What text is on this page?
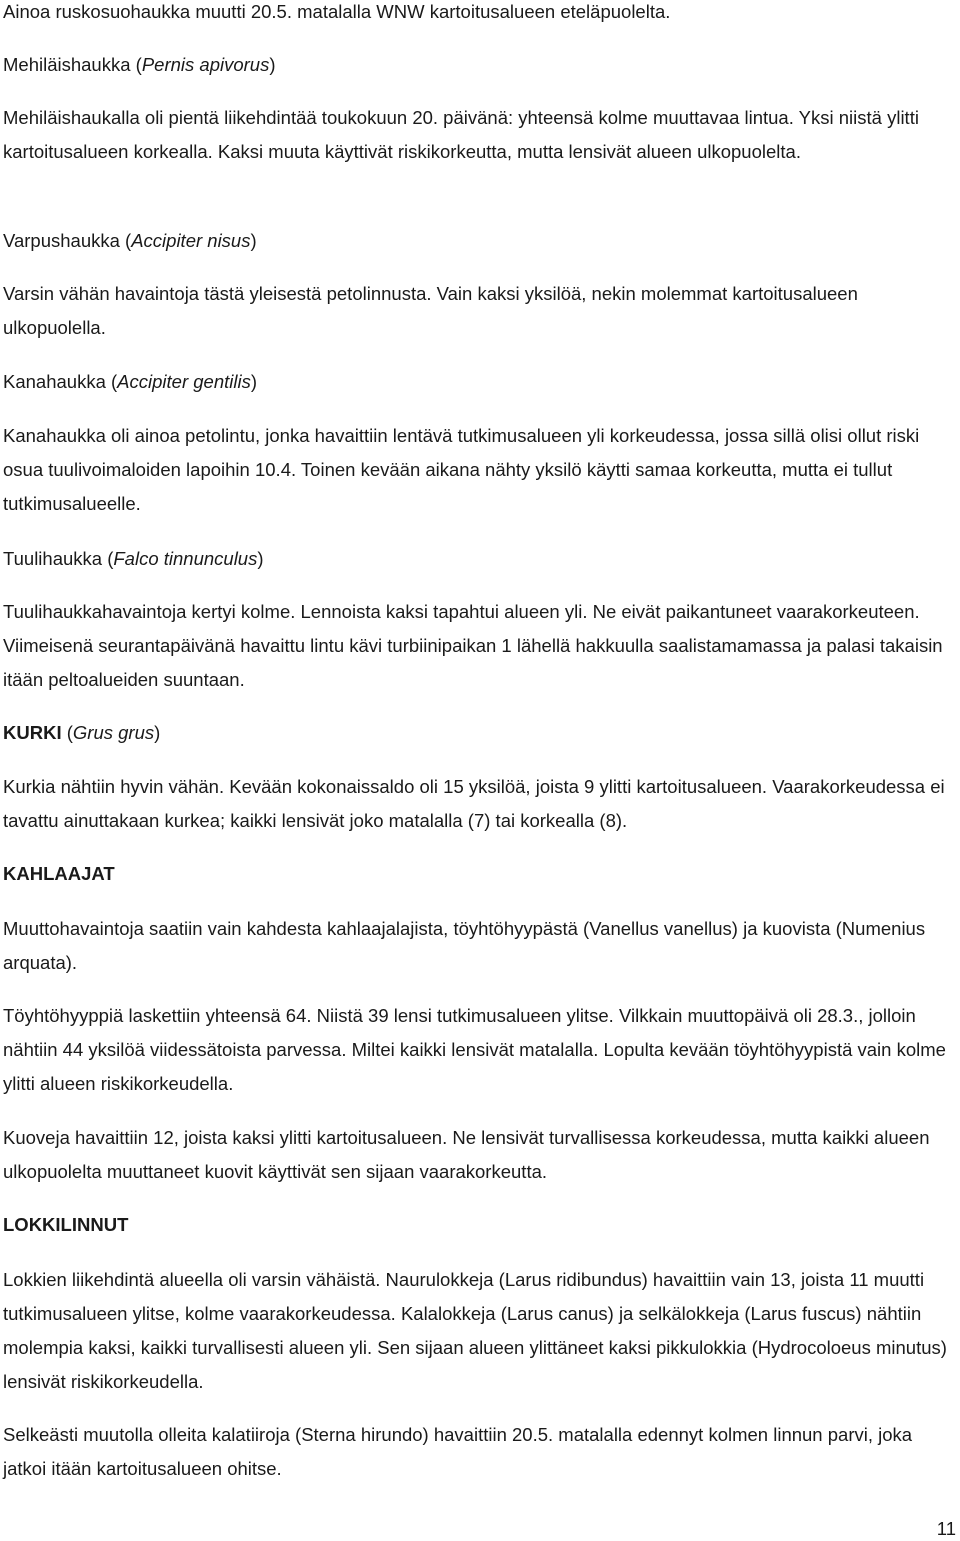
Ainoa ruskosuohaukka muutti 20.5. matalalla WNW kartoitusalueen eteläpuolelta.

Mehiläishaukka (Pernis apivorus)

Mehiläishaukalla oli pientä liikehdintää toukokuun 20. päivänä: yhteensä kolme muuttavaa lintua. Yksi niistä ylitti kartoitusalueen korkealla. Kaksi muuta käyttivät riskikorkeutta, mutta lensivät alueen ulkopuolelta.

Varpushaukka (Accipiter nisus)

Varsin vähän havaintoja tästä yleisestä petolinnusta. Vain kaksi yksilöä, nekin molemmat kartoitusalueen ulkopuolella.

Kanahaukka (Accipiter gentilis)

Kanahaukka oli ainoa petolintu, jonka havaittiin lentävä tutkimusalueen yli korkeudessa, jossa sillä olisi ollut riski osua tuulivoimaloiden lapoihin 10.4. Toinen kevään aikana nähty yksilö käytti samaa korkeutta, mutta ei tullut tutkimusalueelle.

Tuulihaukka (Falco tinnunculus)

Tuulihaukkahavaintoja kertyi kolme. Lennoista kaksi tapahtui alueen yli. Ne eivät paikantuneet vaarakorkeuteen. Viimeisenä seurantapäivänä havaittu lintu kävi turbiinipaikan 1 lähellä hakkuulla saalistamamassa ja palasi takaisin itään peltoalueiden suuntaan.

KURKI (Grus grus)

Kurkia nähtiin hyvin vähän. Kevään kokonaissaldo oli 15 yksilöä, joista 9 ylitti kartoitusalueen. Vaarakorkeudessa ei tavattu ainuttakaan kurkea; kaikki lensivät joko matalalla (7) tai korkealla (8).

KAHLAAJAT

Muuttohavaintoja saatiin vain kahdesta kahlaajalajista, töyhtöhyypästä (Vanellus vanellus) ja kuovista (Numenius arquata).

Töyhtöhyyppiä laskettiin yhteensä 64. Niistä 39 lensi tutkimusalueen ylitse. Vilkkain muuttopäivä oli 28.3., jolloin nähtiin 44 yksilöä viidessätoista parvessa. Miltei kaikki lensivät matalalla. Lopulta kevään töyhtöhyypistä vain kolme ylitti alueen riskikorkeudella.

Kuoveja havaittiin 12, joista kaksi ylitti kartoitusalueen. Ne lensivät turvallisessa korkeudessa, mutta kaikki alueen ulkopuolelta muuttaneet kuovit käyttivät sen sijaan vaarakorkeutta.

LOKKILINNUT

Lokkien liikehdintä alueella oli varsin vähäistä. Naurulokkeja (Larus ridibundus) havaittiin vain 13, joista 11 muutti tutkimusalueen ylitse, kolme vaarakorkeudessa. Kalalokkeja (Larus canus) ja selkälokkeja (Larus fuscus) nähtiin molempia kaksi, kaikki turvallisesti alueen yli. Sen sijaan alueen ylittäneet kaksi pikkulokkia (Hydrocoloeus minutus) lensivät riskikorkeudella.

Selkeästi muutolla olleita kalatiiroja (Sterna hirundo) havaittiin 20.5. matalalla edennyt kolmen linnun parvi, joka jatkoi itään kartoitusalueen ohitse.

11
